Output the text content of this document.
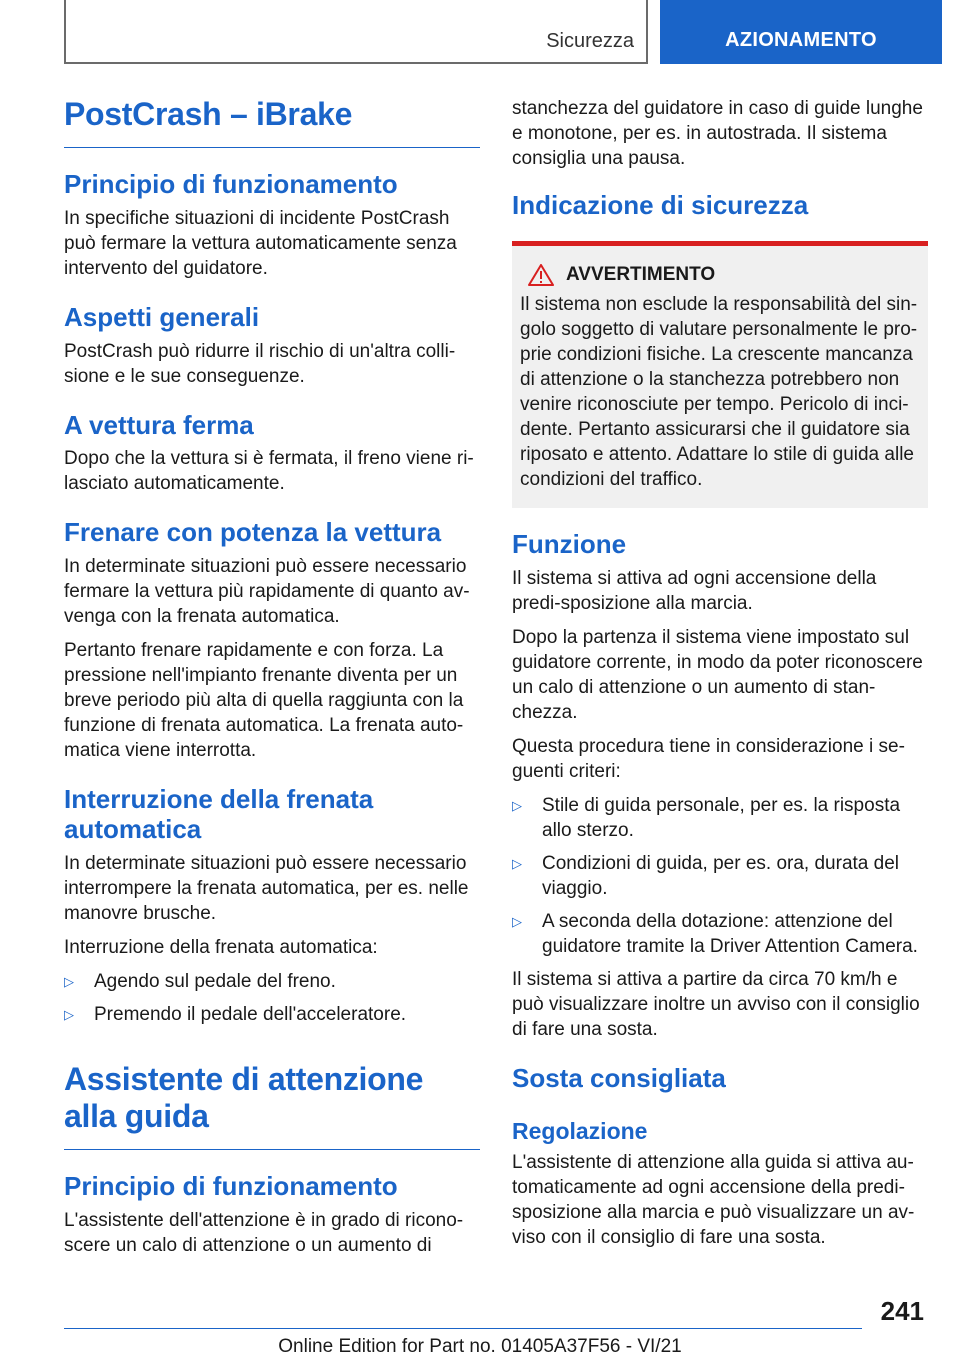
Sicurezza	AZIONAMENTO
PostCrash – iBrake
Principio di funzionamento

In specifiche situazioni di incidente PostCrash può fermare la vettura automaticamente senza intervento del guidatore.

Aspetti generali

PostCrash può ridurre il rischio di un'altra colli-sione e le sue conseguenze.

A vettura ferma

Dopo che la vettura si è fermata, il freno viene ri-lasciato automaticamente.

Frenare con potenza la vettura

In determinate situazioni può essere necessario fermare la vettura più rapidamente di quanto av-venga con la frenata automatica.

Pertanto frenare rapidamente e con forza. La pressione nell'impianto frenante diventa per un breve periodo più alta di quella raggiunta con la funzione di frenata automatica. La frenata auto-matica viene interrotta.

Interruzione della frenata automatica

In determinate situazioni può essere necessario interrompere la frenata automatica, per es. nelle manovre brusche.

Interruzione della frenata automatica:

▷ Agendo sul pedale del freno.
▷ Premendo il pedale dell'acceleratore.
Assistente di attenzione alla guida
Principio di funzionamento

L'assistente dell'attenzione è in grado di ricono-scere un calo di attenzione o un aumento di

stanchezza del guidatore in caso di guide lunghe e monotone, per es. in autostrada. Il sistema consiglia una pausa.

Indicazione di sicurezza
AVVERTIMENTO

Il sistema non esclude la responsabilità del sin-golo soggetto di valutare personalmente le pro-prie condizioni fisiche. La crescente mancanza di attenzione o la stanchezza potrebbero non venire riconosciute per tempo. Pericolo di inci-dente. Pertanto assicurarsi che il guidatore sia riposato e attento. Adattare lo stile di guida alle condizioni del traffico.

Funzione

Il sistema si attiva ad ogni accensione della predi-sposizione alla marcia.

Dopo la partenza il sistema viene impostato sul guidatore corrente, in modo da poter riconoscere un calo di attenzione o un aumento di stan-chezza.

Questa procedura tiene in considerazione i se-guenti criteri:

▷ Stile di guida personale, per es. la risposta allo sterzo.
▷ Condizioni di guida, per es. ora, durata del viaggio.
▷ A seconda della dotazione: attenzione del guidatore tramite la Driver Attention Camera.

Il sistema si attiva a partire da circa 70 km/h e può visualizzare inoltre un avviso con il consiglio di fare una sosta.

Sosta consigliata
Regolazione

L'assistente di attenzione alla guida si attiva au-tomaticamente ad ogni accensione della predi-sposizione alla marcia e può visualizzare un av-viso con il consiglio di fare una sosta.

241
Online Edition for Part no. 01405A37F56 - VI/21
